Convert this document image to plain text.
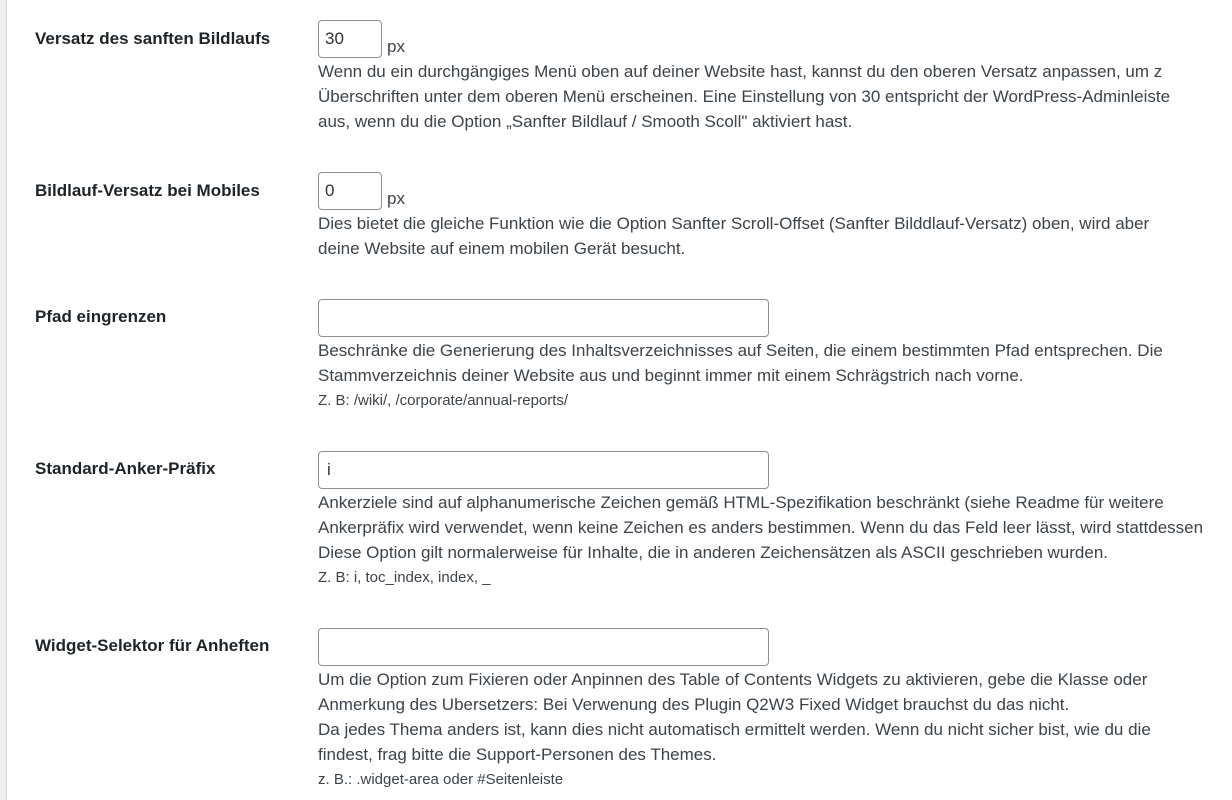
Versatz des sanften Bildlaufs
30	px
Wenn du ein durchgängiges Menü oben auf deiner Website hast, kannst du den oberen Versatz anpassen, um z
Überschriften unter dem oberen Menü erscheinen. Eine Einstellung von 30 entspricht der WordPress-Adminleiste
aus, wenn du die Option „Sanfter Bildlauf / Smooth Scoll" aktiviert hast.
Bildlauf-Versatz bei Mobiles
0	px
Dies bietet die gleiche Funktion wie die Option Sanfter Scroll-Offset (Sanfter Bilddlauf-Versatz) oben, wird aber
deine Website auf einem mobilen Gerät besucht.
Pfad eingrenzen
Beschränke die Generierung des Inhaltsverzeichnisses auf Seiten, die einem bestimmten Pfad entsprechen. Die
Stammverzeichnis deiner Website aus und beginnt immer mit einem Schrägstrich nach vorne.
Z. B: /wiki/, /corporate/annual-reports/
Standard-Anker-Präfix
i
Ankerziele sind auf alphanumerische Zeichen gemäß HTML-Spezifikation beschränkt (siehe Readme für weitere
Ankerpräfix wird verwendet, wenn keine Zeichen es anders bestimmen. Wenn du das Feld leer lässt, wird stattdessen
Diese Option gilt normalerweise für Inhalte, die in anderen Zeichensätzen als ASCII geschrieben wurden.
Z. B: i, toc_index, index, _
Widget-Selektor für Anheften
Um die Option zum Fixieren oder Anpinnen des Table of Contents Widgets zu aktivieren, gebe die Klasse oder
Anmerkung des Ubersetzers: Bei Verwenung des Plugin Q2W3 Fixed Widget brauchst du das nicht.
Da jedes Thema anders ist, kann dies nicht automatisch ermittelt werden. Wenn du nicht sicher bist, wie du die
findest, frag bitte die Support-Personen des Themes.
z. B.: .widget-area oder #Seitenleiste
